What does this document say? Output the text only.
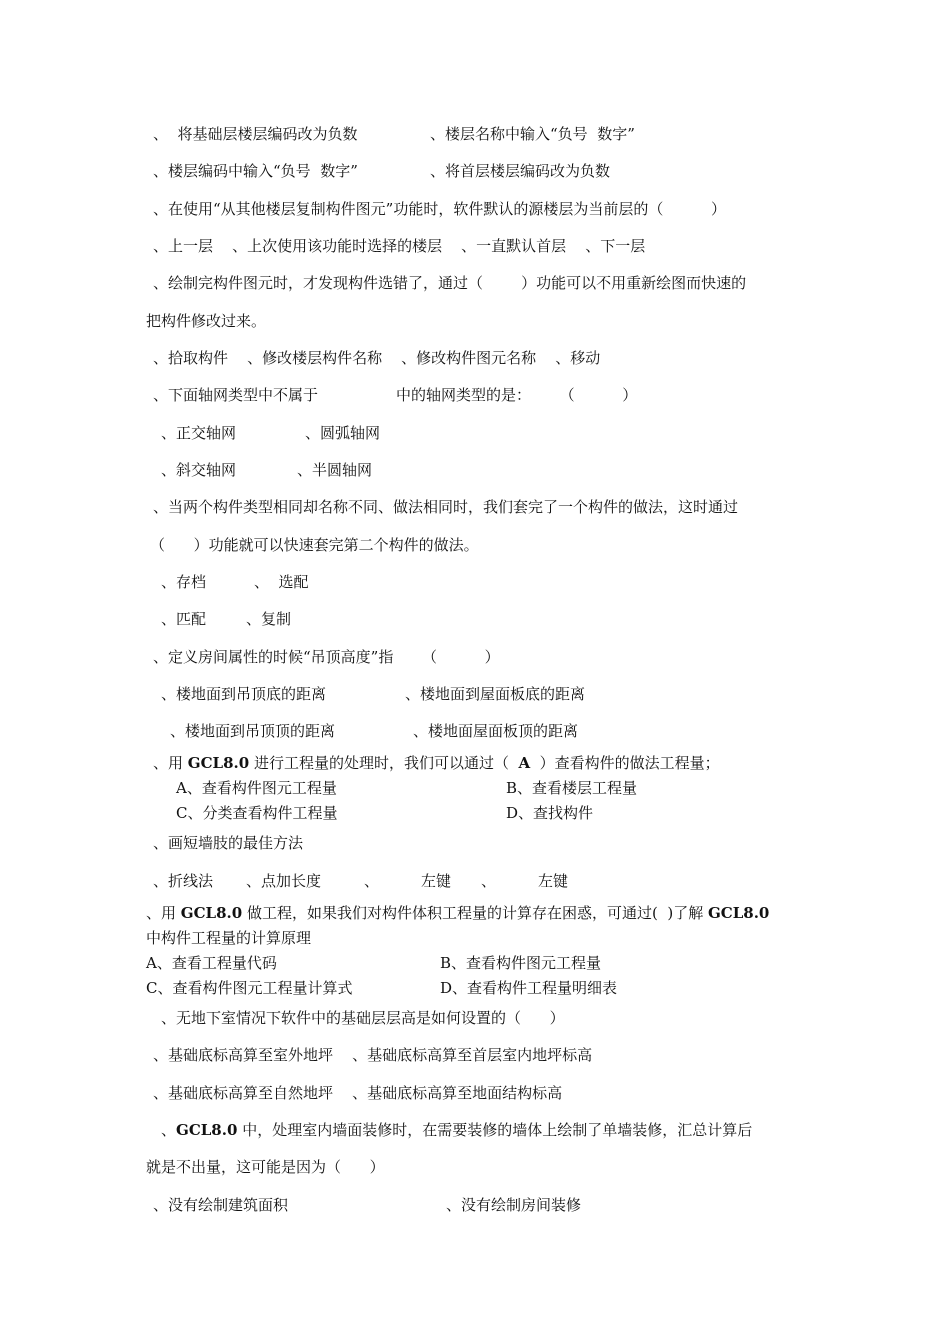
、  将基础层楼层编码改为负数	、楼层名称中输入“负号  数字”
、楼层编码中输入“负号  数字”	、将首层楼层编码改为负数
、在使用“从其他楼层复制构件图元”功能时，软件默认的源楼层为当前层的（          ）
、上一层    、上次使用该功能时选择的楼层    、一直默认首层    、下一层
、绘制完构件图元时，才发现构件选错了，通过（        ）功能可以不用重新绘图而快速的
把构件修改过来。
、拾取构件    、修改楼层构件名称    、修改构件图元名称    、移动
、下面轴网类型中不属于	中的轴网类型的是：      （          ）
、正交轴网	、圆弧轴网
、斜交轴网	、半圆轴网
、当两个构件类型相同却名称不同、做法相同时，我们套完了一个构件的做法，这时通过
（      ）功能就可以快速套完第二个构件的做法。
、存档	、  选配
、匹配	、复制
、定义房间属性的时候“吊顶高度”指      （          ）
、楼地面到吊顶底的距离	、楼地面到屋面板底的距离
、楼地面到吊顶顶的距离	、楼地面屋面板顶的距离
、用 GCL8.0 进行工程量的处理时，我们可以通过（  A  ）查看构件的做法工程量；
A、查看构件图元工程量	B、查看楼层工程量
C、分类查看构件工程量	D、查找构件
、画短墙肢的最佳方法
、折线法 、点加长度	、	左键 、	左键
、用 GCL8.0 做工程，如果我们对构件体积工程量的计算存在困惑，可通过(  )了解 GCL8.0
中构件工程量的计算原理
A、查看工程量代码	B、查看构件图元工程量
C、查看构件图元工程量计算式	D、查看构件工程量明细表
、无地下室情况下软件中的基础层层高是如何设置的（      ）
、基础底标高算至室外地坪    、基础底标高算至首层室内地坪标高
、基础底标高算至自然地坪    、基础底标高算至地面结构标高
、GCL8.0 中，处理室内墙面装修时，在需要装修的墙体上绘制了单墙装修，汇总计算后
就是不出量，这可能是因为（      ）
、没有绘制建筑面积	、没有绘制房间装修
